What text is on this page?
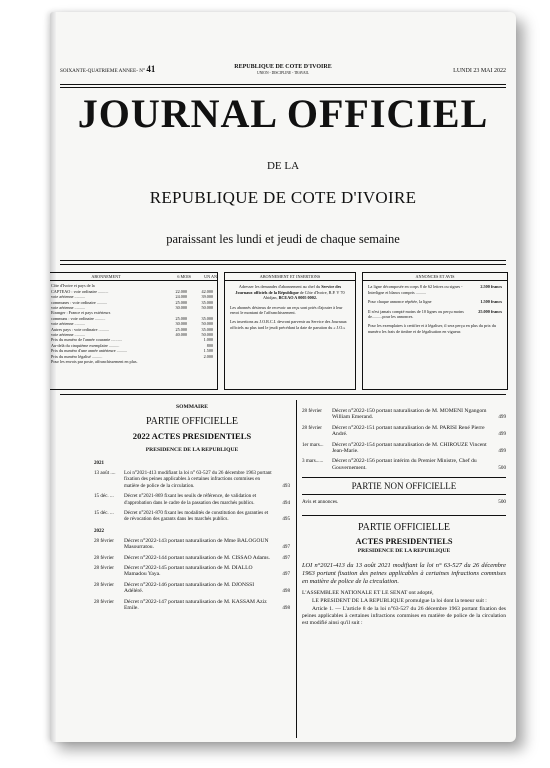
SOIXANTE-QUATRIEME ANNEE- N° 41	REPUBLIQUE DE COTE D'IVOIRE
UNION - DISCIPLINE - TRAVAIL	LUNDI 23 MAI 2022
JOURNAL OFFICIEL
DE LA
REPUBLIQUE DE COTE D'IVOIRE
paraissant les lundi et jeudi de chaque semaine
ABONNEMENT	6 MOIS	UN AN
Côte d'Ivoire et pays de la
CAPTEAO : voie ordinaire ..........	22.000	42.000
voie aérienne ..........	24.000	39.000
communes : voie ordinaire ..........	25.000	35.000
voie aérienne ..........	30.000	50.000
Etranger : France et pays extérieurs
communs : voie ordinaire ..........	25.000	35.000
voie aérienne ..........	30.000	50.000
Autres pays : voie ordinaire ..........	25.000	35.000
voie aérienne ..........	40.000	50.000
Prix du numéro de l'année courante ..........	1.000
Au-delà du cinquième exemplaire ..........	800
Prix du numéro d'une année antérieure ..........	1.500
Prix du numéro légalisé ..........	2.000
Pour les envois par poste, affranchissement en plus.
ABONNEMENT ET INSERTIONS

Adresser les demandes d'abonnement au chef du Service des Journaux officiels de la République de Côte d'Ivoire, B.P. V 70 Abidjan, BCEAO A 0005 0002.

Les abonnés désireux de recevoir un reçu sont priés d'ajouter à leur envoi le montant de l'affranchissement.

Les insertions au J.O.R.C.I. devront parvenir au Service des Journaux officiels au plus tard le jeudi précédant la date de parution du « J.O.»

ANNONCES ET AVIS

La ligne décomposée en corps 8 de 62 lettres ou signes - Interligne et blancs compris ..........
2.500 francs

Pour chaque annonce répétée, la ligne	1.500 francs

Il n'est jamais compté moins de 10 lignes ou perçu moins de..........pour les annonces.
25.000 francs

Pour les exemplaires à certifier et à légaliser, il sera perçu en plus du prix du numéro les frais de timbre et de légalisation en vigueur.

SOMMAIRE
PARTIE OFFICIELLE
2022 ACTES PRESIDENTIELS
PRESIDENCE DE LA REPUBLIQUE
2021
13 août ....	Loi n°2021-413 modifiant la loi n° 63-527 du 26 décembre 1963 portant fixation des peines applicables à certaines infractions commises en matière de police de la circulation.	493
15 déc. ...	Décret n°2021-869 fixant les seuils de référence, de validation et d'approbation dans le cadre de la passation des marchés publics.	494
15 déc. ...	Décret n°2021-870 fixant les modalités de constitution des garanties et de révocation des garants dans les marchés publics.	495
2022
28 février	Décret n°2022-143 portant naturalisation de Mme BALOGOUN Masourratou.	497
28 février	Décret n°2022-144 portant naturalisation de M. CISSAO Adams.	497
28 février	Décret n°2022-145 portant naturalisation de M. DIALLO Mamadou Yaya.	497
28 février	Décret n°2022-146 portant naturalisation de M. DJONSSI Adéléré.	498
28 février	Décret n°2022-147 portant naturalisation de M. KASSAM Aziz Emile.	498
28 février	Décret n°2022-150 portant naturalisation de M. MOMENI Ngangom William Emerand.	499
28 février	Décret n°2022-151 portant naturalisation de M. PARISI René Pierre André.	499
1er mars...	Décret n°2022-154 portant naturalisation de M. CHIROUZE Vincent Jean-Marie.	499
3 mars......	Décret n°2022-156 portant intérim du Premier Ministre, Chef du Gouvernement.	500
PARTIE NON OFFICIELLE
Avis et annonces.	500
PARTIE OFFICIELLE
ACTES PRESIDENTIELS
PRESIDENCE DE LA REPUBLIQUE
LOI n°2021-413 du 13 août 2021 modifiant la loi n° 63-527 du 26 décembre 1963 portant fixation des peines applicables à certaines infractions commises en matière de police de la circulation.
L'ASSEMBLEE NATIONALE ET LE SENAT ont adopté,
LE PRESIDENT DE LA REPUBLIQUE promulgue la loi dont la teneur suit :
Article 1. — L'article 8 de la loi n°63-527 du 26 décembre 1963 portant fixation des peines applicables à certaines infractions commises en matière de police de la circulation est modifié ainsi qu'il suit :
